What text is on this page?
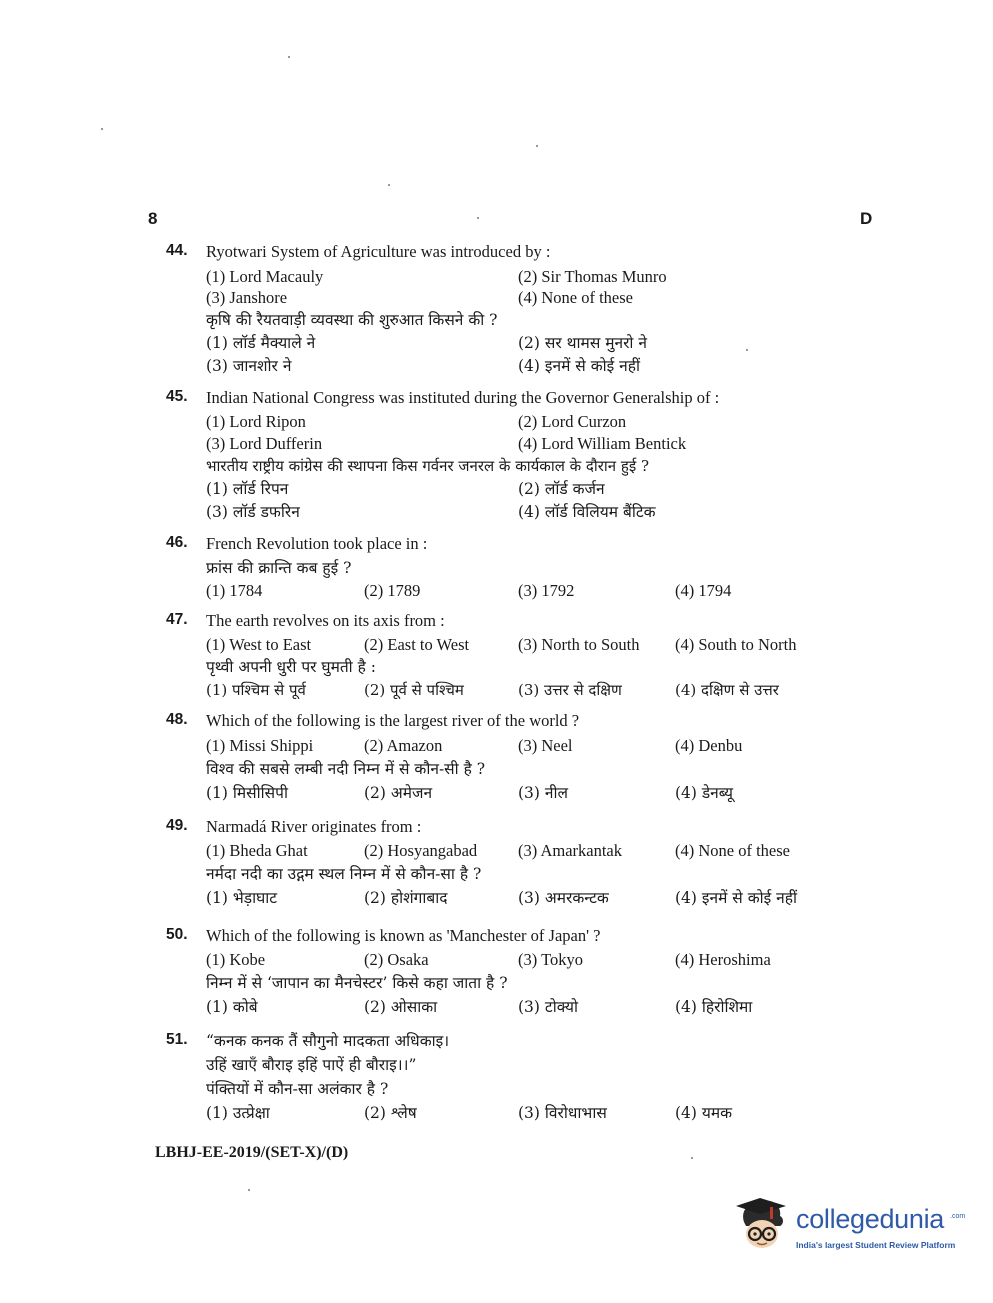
8	D
44. Ryotwari System of Agriculture was introduced by :
(1) Lord Macauly	(2) Sir Thomas Munro
(3) Janshore	(4) None of these
कृषि की रैयतवाड़ी व्यवस्था की शुरुआत किसने की ?
(1) लॉर्ड मैक्याले ने	(2) सर थामस मुनरो ने
(3) जानशोर ने	(4) इनमें से कोई नहीं
45. Indian National Congress was instituted during the Governor Generalship of :
(1) Lord Ripon	(2) Lord Curzon
(3) Lord Dufferin	(4) Lord William Bentick
भारतीय राष्ट्रीय कांग्रेस की स्थापना किस गर्वनर जनरल के कार्यकाल के दौरान हुई ?
(1) लॉर्ड रिपन	(2) लॉर्ड कर्जन
(3) लॉर्ड डफरिन	(4) लॉर्ड विलियम बैंटिक
46. French Revolution took place in :
फ्रांस की क्रान्ति कब हुई ?
(1) 1784	(2) 1789	(3) 1792	(4) 1794
47. The earth revolves on its axis from :
(1) West to East	(2) East to West	(3) North to South (4) South to North
पृथ्वी अपनी धुरी पर घुमती है :
(1) पश्चिम से पूर्व	(2) पूर्व से पश्चिम	(3) उत्तर से दक्षिण	(4) दक्षिण से उत्तर
48. Which of the following is the largest river of the world ?
(1) Missi Shippi	(2) Amazon	(3) Neel	(4) Denbu
विश्व की सबसे लम्बी नदी निम्न में से कौन-सी है ?
(1) मिसीसिपी	(2) अमेजन	(3) नील	(4) डेनब्यू
49. Narmadá River originates from :
(1) Bheda Ghat	(2) Hosyangabad (3) Amarkantak	(4) None of these
नर्मदा नदी का उद्गम स्थल निम्न में से कौन-सा है ?
(1) भेड़ाघाट	(2) होशंगाबाद	(3) अमरकन्टक	(4) इनमें से कोई नहीं
50. Which of the following is known as 'Manchester of Japan' ?
(1) Kobe	(2) Osaka	(3) Tokyo	(4) Heroshima
निम्न में से ‘जापान का मैनचेस्टर’ किसे कहा जाता है ?
(1) कोबे	(2) ओसाका	(3) टोक्यो	(4) हिरोशिमा
51. “कनक कनक तैं सौगुनो मादकता अधिकाइ।
उहिं खाएँ बौराइ इहिं पाऐं ही बौराइ।।”
पंक्तियों में कौन-सा अलंकार है ?
(1) उत्प्रेक्षा	(2) श्लेष	(3) विरोधाभास	(4) यमक
LBHJ-EE-2019/(SET-X)/(D)
collegedunia .com
India's largest Student Review Platform
